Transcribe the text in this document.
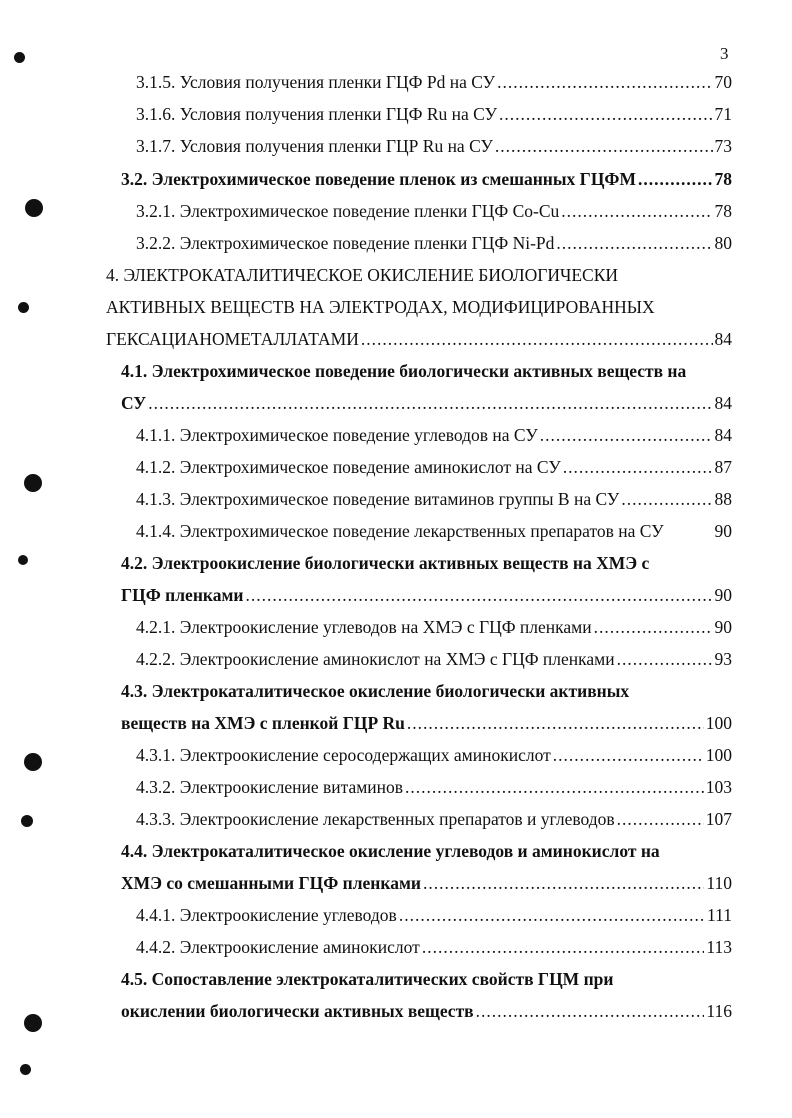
3
3.1.5. Условия получения пленки ГЦФ Pd на СУ .....	70
3.1.6. Условия получения пленки ГЦФ Ru на СУ .....	71
3.1.7. Условия получения пленки ГЦР Ru на СУ .....	73
3.2. Электрохимическое поведение пленок из смешанных ГЦФМ .....	78
3.2.1. Электрохимическое поведение пленки ГЦФ Co-Cu .....	78
3.2.2. Электрохимическое поведение пленки ГЦФ Ni-Pd .....	80
4. ЭЛЕКТРОКАТАЛИТИЧЕСКОЕ ОКИСЛЕНИЕ БИОЛОГИЧЕСКИ
АКТИВНЫХ ВЕЩЕСТВ НА ЭЛЕКТРОДАХ, МОДИФИЦИРОВАННЫХ
ГЕКСАЦИАНОМЕТАЛЛАТАМИ .....	84
4.1. Электрохимическое поведение биологически активных веществ на
СУ .....	84
4.1.1. Электрохимическое поведение углеводов на СУ .....	84
4.1.2. Электрохимическое поведение аминокислот на СУ .....	87
4.1.3. Электрохимическое поведение витаминов группы В на СУ .....	88
4.1.4. Электрохимическое поведение лекарственных препаратов на СУ	90
4.2. Электроокисление биологически активных веществ на ХМЭ с
ГЦФ пленками .....	90
4.2.1. Электроокисление углеводов на ХМЭ с ГЦФ пленками .....	90
4.2.2. Электроокисление аминокислот на ХМЭ с ГЦФ пленками .....	93
4.3. Электрокаталитическое окисление биологически активных
веществ на ХМЭ с пленкой ГЦР Ru .....	100
4.3.1. Электроокисление серосодержащих аминокислот .....	100
4.3.2. Электроокисление витаминов .....	103
4.3.3. Электроокисление лекарственных препаратов и углеводов .....	107
4.4. Электрокаталитическое окисление углеводов и аминокислот на
ХМЭ со смешанными ГЦФ пленками .....	110
4.4.1. Электроокисление углеводов .....	111
4.4.2. Электроокисление аминокислот .....	113
4.5. Сопоставление электрокаталитических свойств ГЦМ при
окислении биологически активных веществ .....	116
